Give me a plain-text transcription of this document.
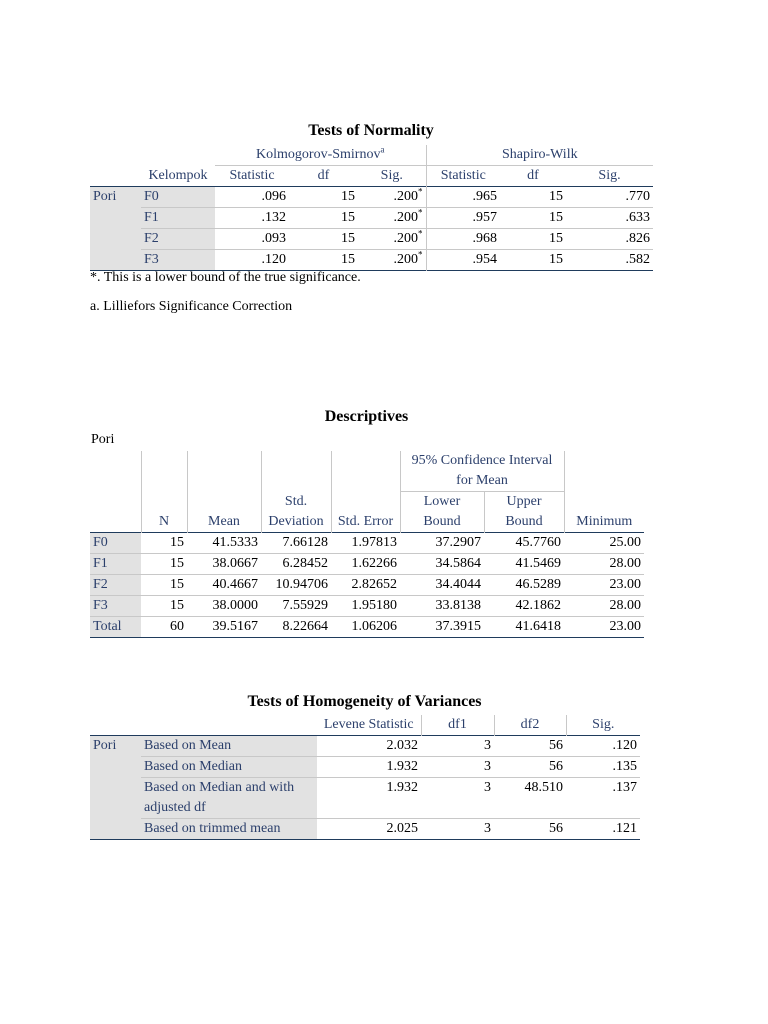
Tests of Normality
		Kolmogorov-Smirnov$^a$			Shapiro-Wilk		
	Kelompok	Statistic	df	Sig.	Statistic	df	Sig.
Pori	F0	.096	15	.200*	.965	15	.770
	F1	.132	15	.200*	.957	15	.633
	F2	.093	15	.200*	.968	15	.826
	F3	.120	15	.200*	.954	15	.582
*. This is a lower bound of the true significance.
a. Lilliefors Significance Correction
Descriptives
Pori
					95% Confidence Interval		
					for Mean		
			Std.		Lower	Upper	
	N	Mean	Deviation	Std. Error	Bound	Bound	Minimum
F0	15	41.5333	7.66128	1.97813	37.2907	45.7760	25.00
F1	15	38.0667	6.28452	1.62266	34.5864	41.5469	28.00
F2	15	40.4667	10.94706	2.82652	34.4044	46.5289	23.00
F3	15	38.0000	7.55929	1.95180	33.8138	42.1862	28.00
Total	60	39.5167	8.22664	1.06206	37.3915	41.6418	23.00
Tests of Homogeneity of Variances
		Levene Statistic	df1	df2	Sig.
Pori	Based on Mean	2.032	3	56	.120
	Based on Median	1.932	3	56	.135
	Based on Median and with	1.932	3	48.510	.137
	adjusted df				
	Based on trimmed mean	2.025	3	56	.121
